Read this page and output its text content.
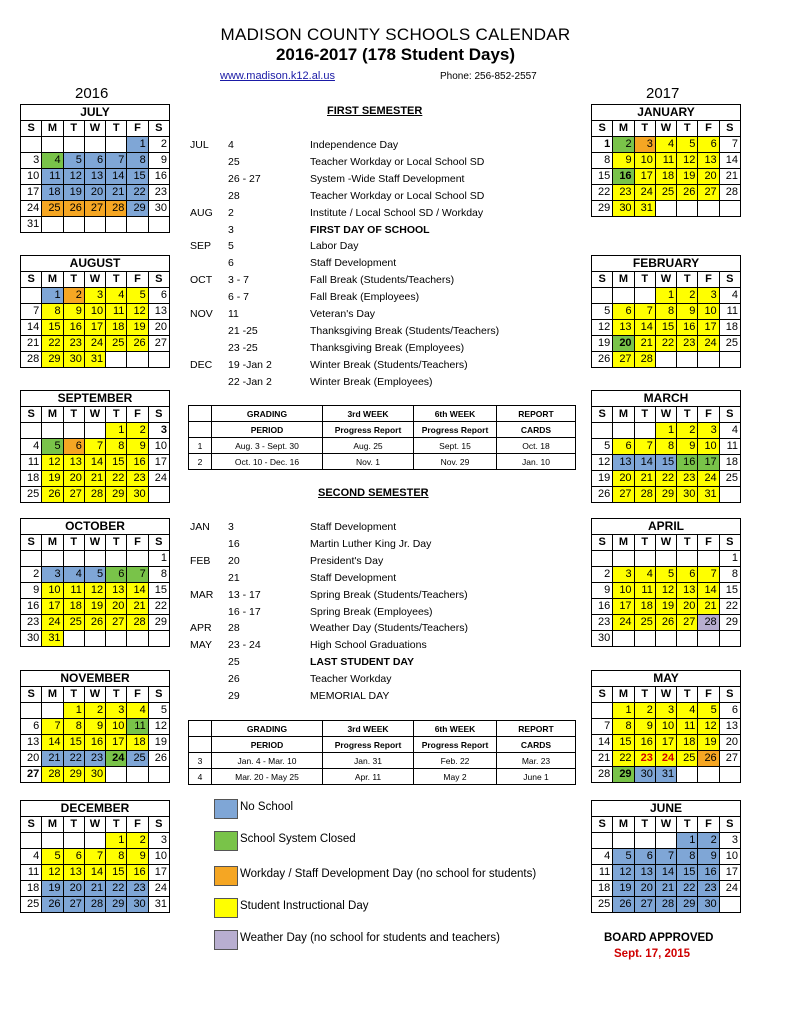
MADISON COUNTY SCHOOLS CALENDAR
2016-2017 (178 Student Days)
www.madison.k12.al.us	Phone: 256-852-2557
2016	2017
JULY						
S	M	T	W	T	F	S
					1	2
3	4	5	6	7	8	9
10	11	12	13	14	15	16
17	18	19	20	21	22	23
24	25	26	27	28	29	30
31						
AUGUST						
S	M	T	W	T	F	S
	1	2	3	4	5	6
7	8	9	10	11	12	13
14	15	16	17	18	19	20
21	22	23	24	25	26	27
28	29	30	31			
SEPTEMBER						
S	M	T	W	T	F	S
				1	2	3
4	5	6	7	8	9	10
11	12	13	14	15	16	17
18	19	20	21	22	23	24
25	26	27	28	29	30	
OCTOBER						
S	M	T	W	T	F	S
						1
2	3	4	5	6	7	8
9	10	11	12	13	14	15
16	17	18	19	20	21	22
23	24	25	26	27	28	29
30	31					
NOVEMBER						
S	M	T	W	T	F	S
		1	2	3	4	5
6	7	8	9	10	11	12
13	14	15	16	17	18	19
20	21	22	23	24	25	26
27	28	29	30			
DECEMBER						
S	M	T	W	T	F	S
				1	2	3
4	5	6	7	8	9	10
11	12	13	14	15	16	17
18	19	20	21	22	23	24
25	26	27	28	29	30	31
JANUARY						
S	M	T	W	T	F	S
1	2	3	4	5	6	7
8	9	10	11	12	13	14
15	16	17	18	19	20	21
22	23	24	25	26	27	28
29	30	31				
FEBRUARY						
S	M	T	W	T	F	S
			1	2	3	4
5	6	7	8	9	10	11
12	13	14	15	16	17	18
19	20	21	22	23	24	25
26	27	28				
MARCH						
S	M	T	W	T	F	S
			1	2	3	4
5	6	7	8	9	10	11
12	13	14	15	16	17	18
19	20	21	22	23	24	25
26	27	28	29	30	31	
APRIL						
S	M	T	W	T	F	S
						1
2	3	4	5	6	7	8
9	10	11	12	13	14	15
16	17	18	19	20	21	22
23	24	25	26	27	28	29
30						
MAY						
S	M	T	W	T	F	S
	1	2	3	4	5	6
7	8	9	10	11	12	13
14	15	16	17	18	19	20
21	22	23	24	25	26	27
28	29	30	31			
JUNE						
S	M	T	W	T	F	S
				1	2	3
4	5	6	7	8	9	10
11	12	13	14	15	16	17
18	19	20	21	22	23	24
25	26	27	28	29	30	
FIRST SEMESTER
JUL	4	Independence Day
25	Teacher Workday or Local School SD
26 - 27	System -Wide Staff Development
28	Teacher Workday or Local School SD
AUG	2	Institute / Local School SD / Workday
3	FIRST DAY OF SCHOOL
SEP	5	Labor Day
6	Staff Development
OCT	3 - 7	Fall Break (Students/Teachers)
6 - 7	Fall Break (Employees)
NOV	11	Veteran's Day
21 -25	Thanksgiving Break (Students/Teachers)
23 -25	Thanksgiving Break (Employees)
DEC	19 -Jan 2	Winter Break (Students/Teachers)
22 -Jan 2	Winter Break (Employees)
	GRADING	3rd WEEK	6th WEEK	REPORT
	PERIOD	Progress Report	Progress Report	CARDS
1	Aug. 3 - Sept. 30	Aug. 25	Sept. 15	Oct. 18
2	Oct. 10 - Dec. 16	Nov. 1	Nov. 29	Jan. 10
SECOND SEMESTER
JAN	3	Staff Development
16	Martin Luther King Jr. Day
FEB	20	President's Day
21	Staff Development
MAR	13 - 17	Spring Break (Students/Teachers)
16 - 17	Spring Break (Employees)
APR	28	Weather Day (Students/Teachers)
MAY	23 - 24	High School Graduations
25	LAST STUDENT DAY
26	Teacher Workday
29	MEMORIAL DAY
	GRADING	3rd WEEK	6th WEEK	REPORT
	PERIOD	Progress Report	Progress Report	CARDS
3	Jan. 4 - Mar. 10	Jan. 31	Feb. 22	Mar. 23
4	Mar. 20 - May 25	Apr. 11	May 2	June 1
No School
School System Closed
Workday / Staff Development Day (no school for students)
Student Instructional Day
Weather Day (no school for students and teachers)	BOARD APPROVED
Sept. 17, 2015
